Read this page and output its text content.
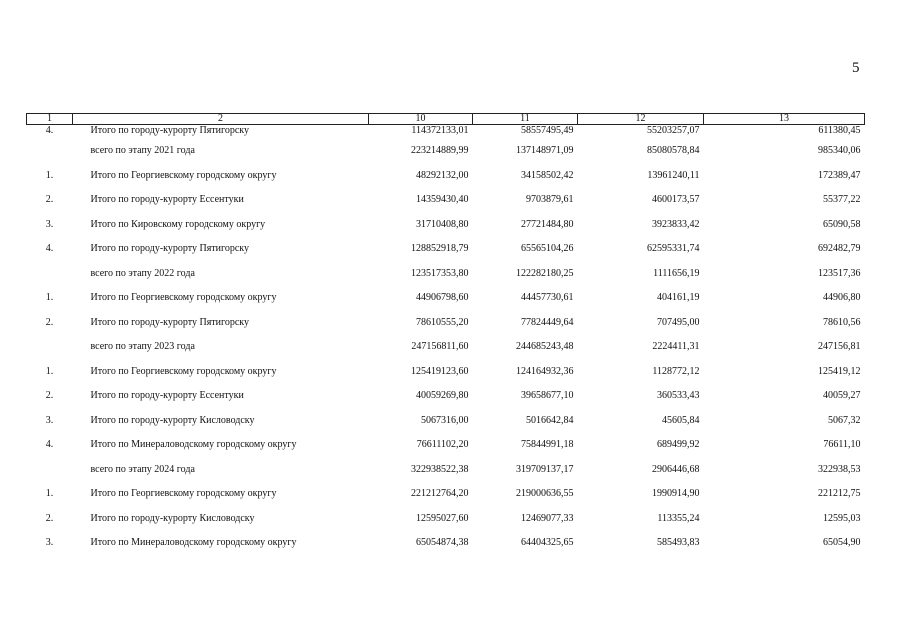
5
1	2	10	11	12	13
4.	Итого по городу-курорту Пятигорску	114372133,01	58557495,49	55203257,07	611380,45
	всего по этапу 2021 года	223214889,99	137148971,09	85080578,84	985340,06
1.	Итого по Георгиевскому городскому округу	48292132,00	34158502,42	13961240,11	172389,47
2.	Итого по городу-курорту Ессентуки	14359430,40	9703879,61	4600173,57	55377,22
3.	Итого по Кировскому городскому округу	31710408,80	27721484,80	3923833,42	65090,58
4.	Итого по городу-курорту Пятигорску	128852918,79	65565104,26	62595331,74	692482,79
	всего по этапу 2022 года	123517353,80	122282180,25	1111656,19	123517,36
1.	Итого по Георгиевскому городскому округу	44906798,60	44457730,61	404161,19	44906,80
2.	Итого по городу-курорту Пятигорску	78610555,20	77824449,64	707495,00	78610,56
	всего по этапу 2023 года	247156811,60	244685243,48	2224411,31	247156,81
1.	Итого по Георгиевскому городскому округу	125419123,60	124164932,36	1128772,12	125419,12
2.	Итого по городу-курорту Ессентуки	40059269,80	39658677,10	360533,43	40059,27
3.	Итого по городу-курорту Кисловодску	5067316,00	5016642,84	45605,84	5067,32
4.	Итого по Минераловодскому городскому округу	76611102,20	75844991,18	689499,92	76611,10
	всего по этапу 2024 года	322938522,38	319709137,17	2906446,68	322938,53
1.	Итого по Георгиевскому городскому округу	221212764,20	219000636,55	1990914,90	221212,75
2.	Итого по городу-курорту Кисловодску	12595027,60	12469077,33	113355,24	12595,03
3.	Итого по Минераловодскому городскому округу	65054874,38	64404325,65	585493,83	65054,90
